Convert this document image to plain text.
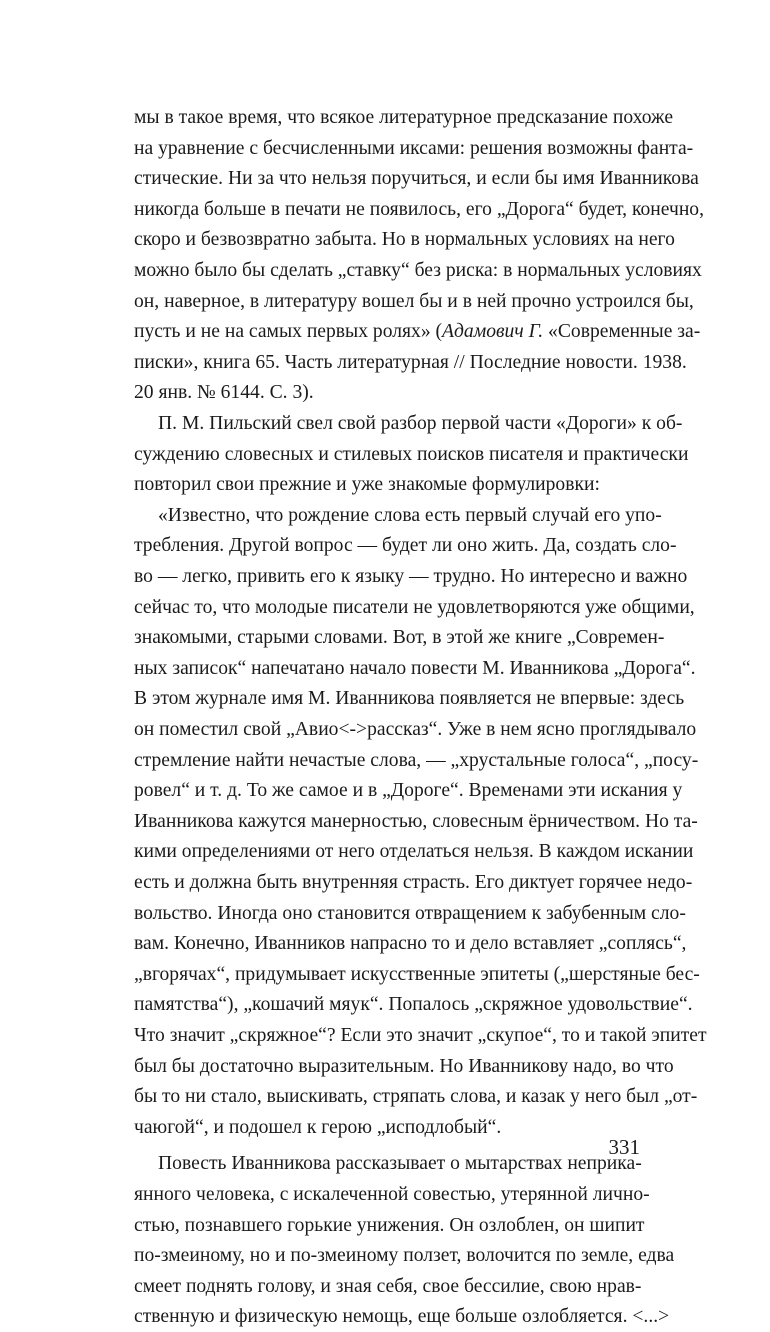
мы в такое время, что всякое литературное предсказание похоже
на уравнение с бесчисленными иксами: решения возможны фанта-
стические. Ни за что нельзя поручиться, и если бы имя Иванникова
никогда больше в печати не появилось, его „Дорога“ будет, конечно,
скоро и безвозвратно забыта. Но в нормальных условиях на него
можно было бы сделать „ставку“ без риска: в нормальных условиях
он, наверное, в литературу вошел бы и в ней прочно устроился бы,
пусть и не на самых первых ролях» (Адамович Г. «Современные за-
писки», книга 65. Часть литературная // Последние новости. 1938.
20 янв. № 6144. С. 3).
П. М. Пильский свел свой разбор первой части «Дороги» к об-
суждению словесных и стилевых поисков писателя и практически
повторил свои прежние и уже знакомые формулировки:
«Известно, что рождение слова есть первый случай его упо-
требления. Другой вопрос — будет ли оно жить. Да, создать сло-
во — легко, привить его к языку — трудно. Но интересно и важно
сейчас то, что молодые писатели не удовлетворяются уже общими,
знакомыми, старыми словами. Вот, в этой же книге „Современ-
ных записок“ напечатано начало повести М. Иванникова „Дорога“.
В этом журнале имя М. Иванникова появляется не впервые: здесь
он поместил свой „Авио<->рассказ“. Уже в нем ясно проглядывало
стремление найти нечастые слова, — „хрустальные голоса“, „посу-
ровел“ и т. д. То же самое и в „Дороге“. Временами эти искания у
Иванникова кажутся манерностью, словесным ёрничеством. Но та-
кими определениями от него отделаться нельзя. В каждом искании
есть и должна быть внутренняя страсть. Его диктует горячее недо-
вольство. Иногда оно становится отвращением к забубенным сло-
вам. Конечно, Иванников напрасно то и дело вставляет „соплясь“,
„вгорячах“, придумывает искусственные эпитеты („шерстяные бес-
памятства“), „кошачий мяук“. Попалось „скряжное удовольствие“.
Что значит „скряжное“? Если это значит „скупое“, то и такой эпитет
был бы достаточно выразительным. Но Иванникову надо, во что
бы то ни стало, выискивать, стряпать слова, и казак у него был „от-
чаюгой“, и подошел к герою „исподлобый“.
Повесть Иванникова рассказывает о мытарствах неприка-
янного человека, с искалеченной совестью, утерянной лично-
стью, познавшего горькие унижения. Он озлоблен, он шипит
по-змеиному, но и по-змеиному ползет, волочится по земле, едва
смеет поднять голову, и зная себя, свое бессилие, свою нрав-
ственную и физическую немощь, еще больше озлобляется. <...>
331
